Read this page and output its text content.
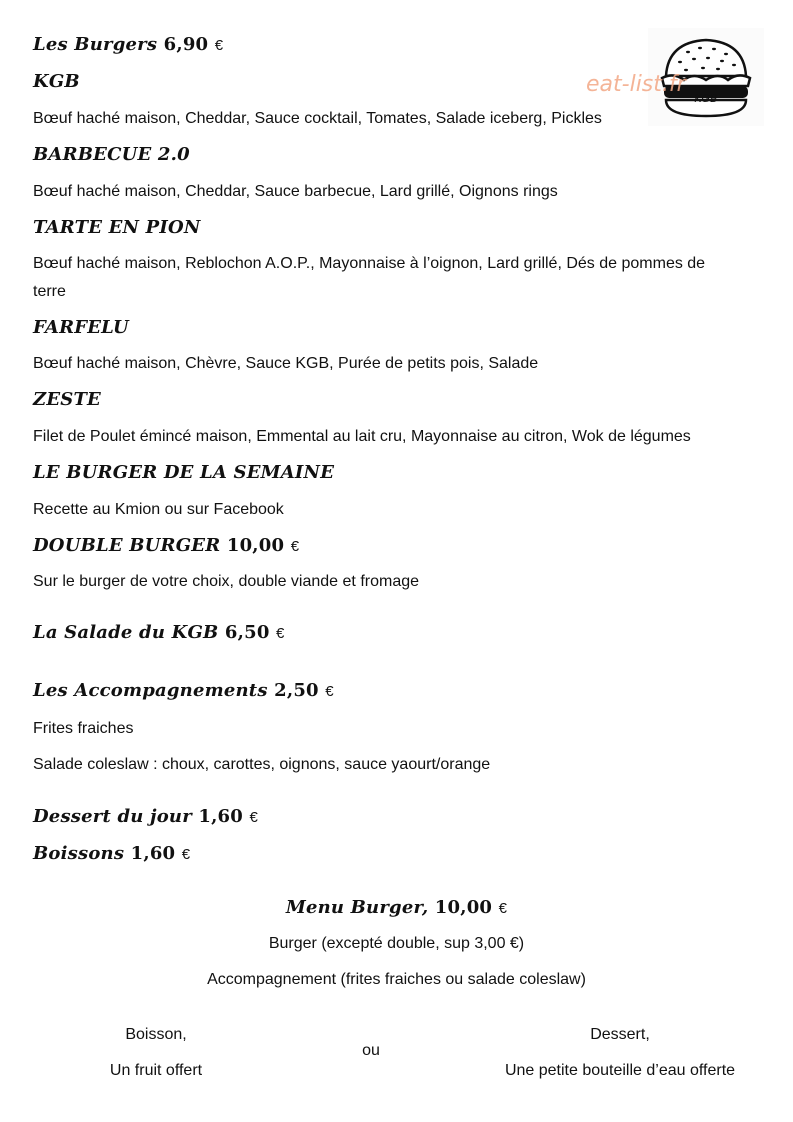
KGB
eat-list.fr
Les Burgers 6,90 €
KGB
Bœuf haché maison, Cheddar, Sauce cocktail, Tomates, Salade iceberg, Pickles
BARBECUE 2.0
Bœuf haché maison, Cheddar, Sauce barbecue, Lard grillé, Oignons rings
TARTE EN PION
Bœuf haché maison, Reblochon A.O.P., Mayonnaise à l’oignon, Lard grillé, Dés de pommes de
terre
FARFELU
Bœuf haché maison, Chèvre, Sauce KGB, Purée de petits pois, Salade
ZESTE
Filet de Poulet émincé maison, Emmental au lait cru, Mayonnaise au citron, Wok de légumes
LE BURGER DE LA SEMAINE
Recette au Kmion ou sur Facebook
DOUBLE BURGER 10,00 €
Sur le burger de votre choix, double viande et fromage
La Salade du KGB 6,50 €
Les Accompagnements 2,50 €
Frites fraiches
Salade coleslaw : choux, carottes, oignons, sauce yaourt/orange
Dessert du jour 1,60 €
Boissons 1,60 €
Menu Burger, 10,00 €
Burger (excepté double, sup 3,00 €)
Accompagnement (frites fraiches ou salade coleslaw)
Boisson,
Un fruit offert
ou
Dessert,
Une petite bouteille d’eau offerte
